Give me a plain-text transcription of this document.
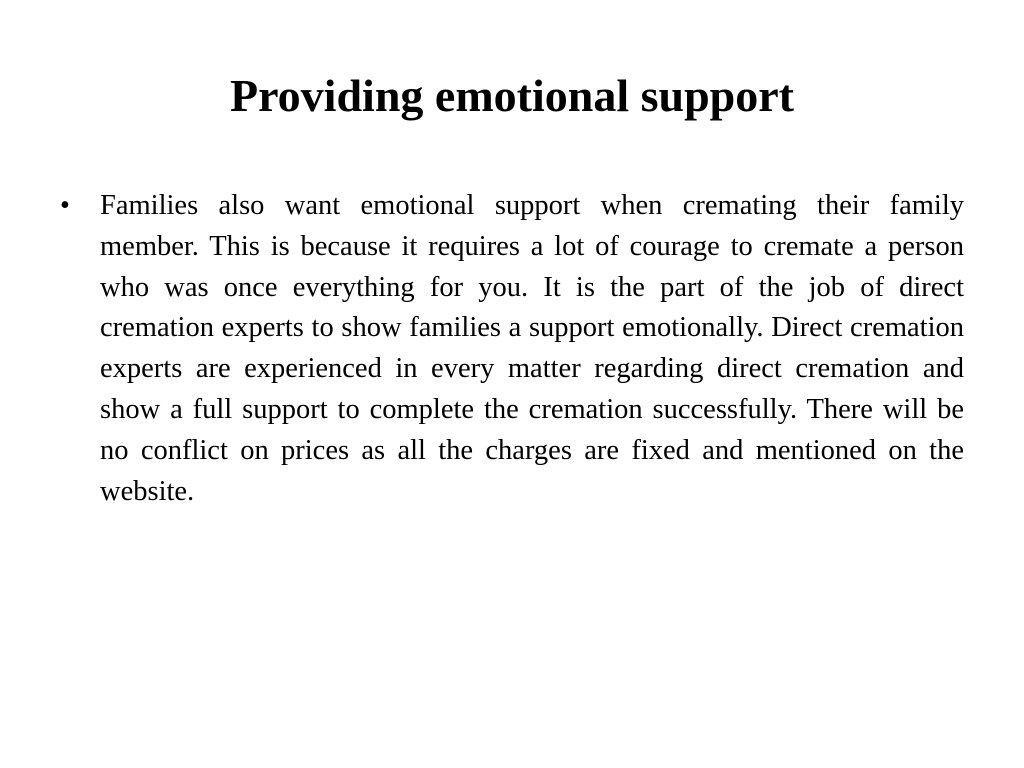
Providing emotional support
• Families also want emotional support when cremating their family member. This is because it requires a lot of courage to cremate a person who was once everything for you. It is the part of the job of direct cremation experts to show families a support emotionally. Direct cremation experts are experienced in every matter regarding direct cremation and show a full support to complete the cremation successfully. There will be no conflict on prices as all the charges are fixed and mentioned on the website.
